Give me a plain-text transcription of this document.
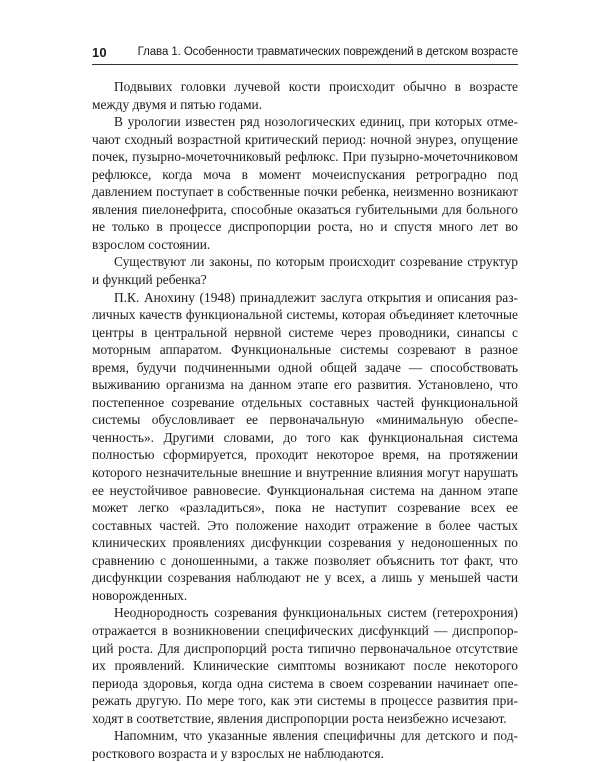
10	Глава 1. Особенности травматических повреждений в детском возрасте

Подвывих головки лучевой кости происходит обычно в возрасте между двумя и пятью годами.

В урологии известен ряд нозологических единиц, при которых отмечают сходный возрастной критический период: ночной энурез, опущение почек, пузырно-мочеточниковый рефлюкс. При пузырно-мочеточниковом рефлюксе, когда моча в момент мочеиспускания ретроградно под давлением поступает в собственные почки ребенка, неизменно возникают явления пиелонефрита, способные оказаться губительными для больного не только в процессе диспропорции роста, но и спустя много лет во взрослом состоянии.

Существуют ли законы, по которым происходит созревание структур и функций ребенка?

П.К. Анохину (1948) принадлежит заслуга открытия и описания различных качеств функциональной системы, которая объединяет клеточные центры в центральной нервной системе через проводники, синапсы с моторным аппаратом. Функциональные системы созревают в разное время, будучи подчиненными одной общей задаче — способствовать выживанию организма на данном этапе его развития. Установлено, что постепенное созревание отдельных составных частей функциональной системы обусловливает ее первоначальную «минимальную обеспеченность». Другими словами, до того как функциональная система полностью сформируется, проходит некоторое время, на протяжении которого незначительные внешние и внутренние влияния могут нарушать ее неустойчивое равновесие. Функциональная система на данном этапе может легко «разладиться», пока не наступит созревание всех ее составных частей. Это положение находит отражение в более частых клинических проявлениях дисфункции созревания у недоношенных по сравнению с доношенными, а также позволяет объяснить тот факт, что дисфункции созревания наблюдают не у всех, а лишь у меньшей части новорожденных.

Неоднородность созревания функциональных систем (гетерохрония) отражается в возникновении специфических дисфункций — диспропорций роста. Для диспропорций роста типично первоначальное отсутствие их проявлений. Клинические симптомы возникают после некоторого периода здоровья, когда одна система в своем созревании начинает опережать другую. По мере того, как эти системы в процессе развития приходят в соответствие, явления диспропорции роста неизбежно исчезают.

Напомним, что указанные явления специфичны для детского и подросткового возраста и у взрослых не наблюдаются.
